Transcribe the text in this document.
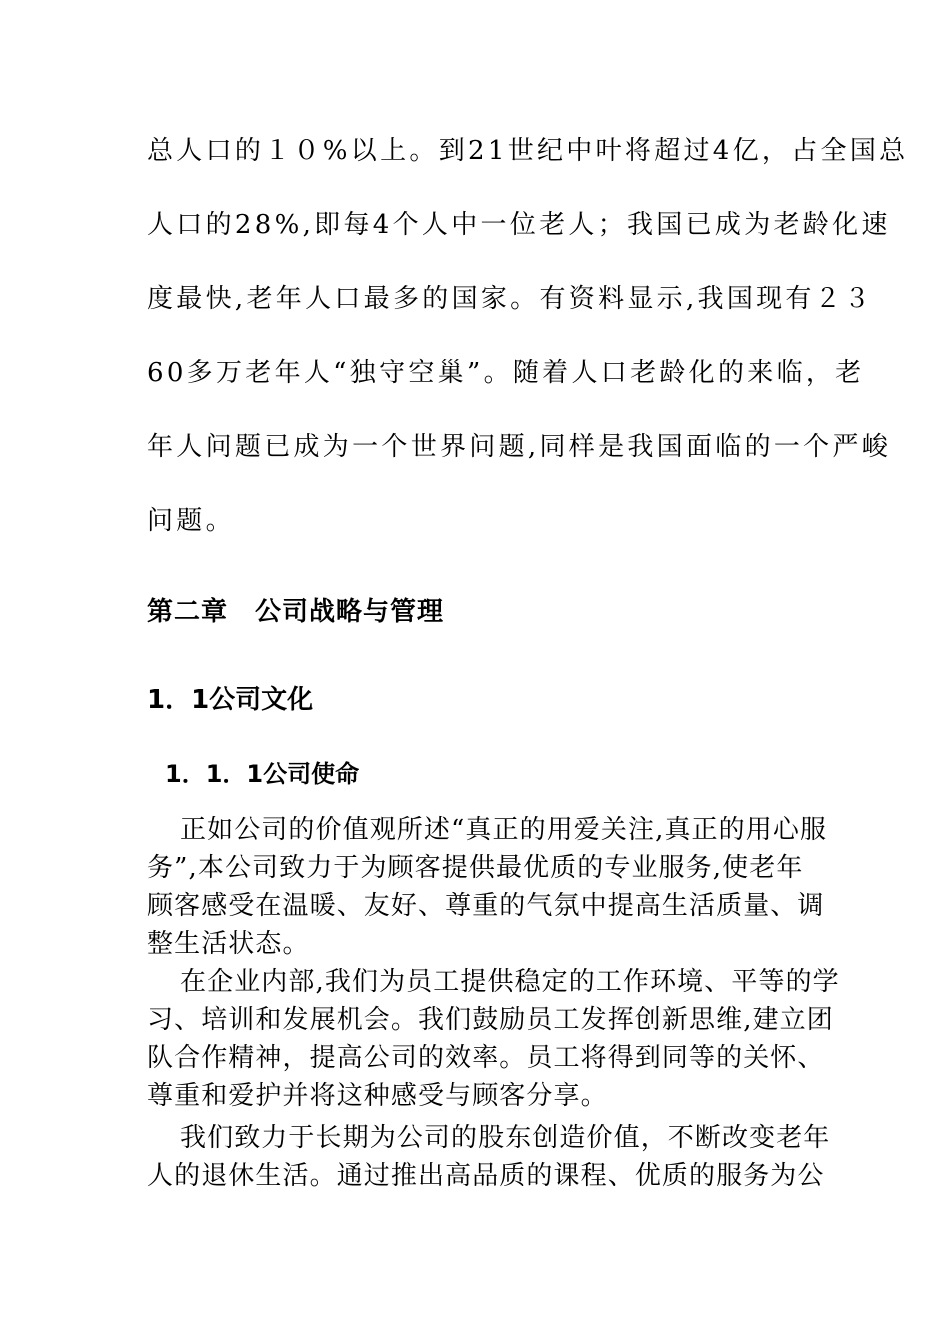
总人口的１０%以上。到21世纪中叶将超过4亿，占全国总
人口的28%,即每4个人中一位老人；我国已成为老龄化速
度最快,老年人口最多的国家。有资料显示,我国现有２３
60多万老年人“独守空巢”。随着人口老龄化的来临，老
年人问题已成为一个世界问题,同样是我国面临的一个严峻
问题。
第二章　公司战略与管理
1．1公司文化
1．1．1公司使命
正如公司的价值观所述“真正的用爱关注,真正的用心服
务”,本公司致力于为顾客提供最优质的专业服务,使老年
顾客感受在温暖、友好、尊重的气氛中提高生活质量、调
整生活状态。
在企业内部,我们为员工提供稳定的工作环境、平等的学
习、培训和发展机会。我们鼓励员工发挥创新思维,建立团
队合作精神，提高公司的效率。员工将得到同等的关怀、
尊重和爱护并将这种感受与顾客分享。
我们致力于长期为公司的股东创造价值，不断改变老年
人的退休生活。通过推出高品质的课程、优质的服务为公
